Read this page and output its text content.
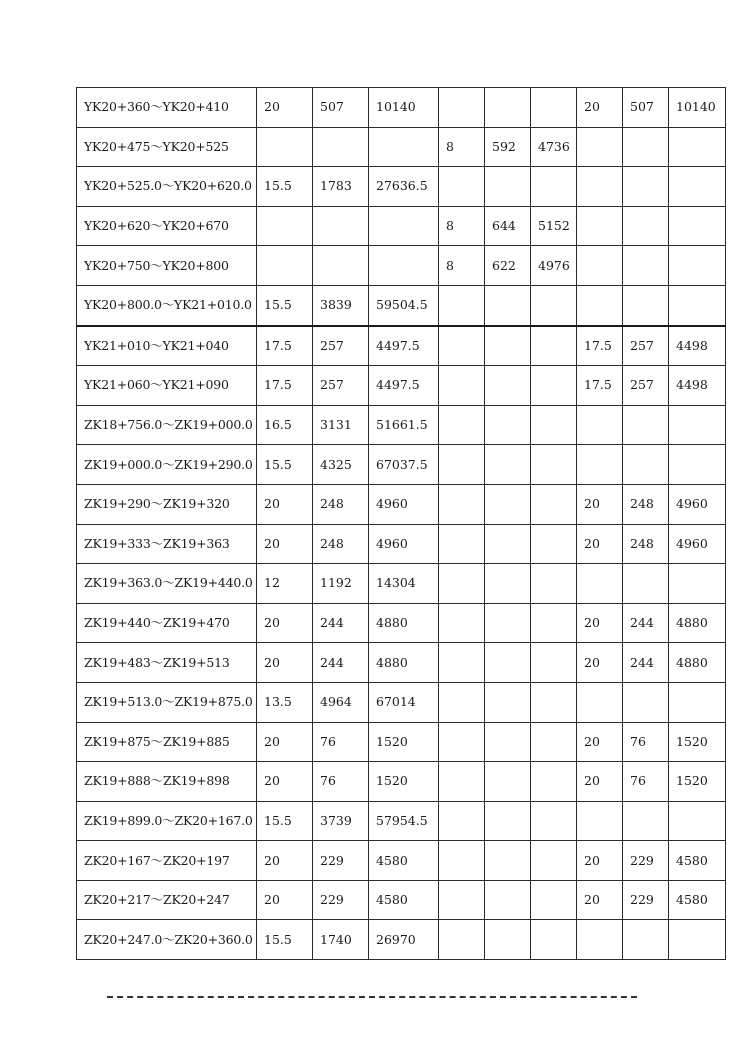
YK20+360～YK20+410	20	507	10140				20	507	10140
YK20+475～YK20+525				8	592	4736			
YK20+525.0～YK20+620.0	15.5	1783	27636.5						
YK20+620～YK20+670				8	644	5152			
YK20+750～YK20+800				8	622	4976			
YK20+800.0～YK21+010.0	15.5	3839	59504.5						
YK21+010～YK21+040	17.5	257	4497.5				17.5	257	4498
YK21+060～YK21+090	17.5	257	4497.5				17.5	257	4498
ZK18+756.0～ZK19+000.0	16.5	3131	51661.5						
ZK19+000.0～ZK19+290.0	15.5	4325	67037.5						
ZK19+290～ZK19+320	20	248	4960				20	248	4960
ZK19+333～ZK19+363	20	248	4960				20	248	4960
ZK19+363.0～ZK19+440.0	12	1192	14304						
ZK19+440～ZK19+470	20	244	4880				20	244	4880
ZK19+483～ZK19+513	20	244	4880				20	244	4880
ZK19+513.0～ZK19+875.0	13.5	4964	67014						
ZK19+875～ZK19+885	20	76	1520				20	76	1520
ZK19+888～ZK19+898	20	76	1520				20	76	1520
ZK19+899.0～ZK20+167.0	15.5	3739	57954.5						
ZK20+167～ZK20+197	20	229	4580				20	229	4580
ZK20+217～ZK20+247	20	229	4580				20	229	4580
ZK20+247.0～ZK20+360.0	15.5	1740	26970						
